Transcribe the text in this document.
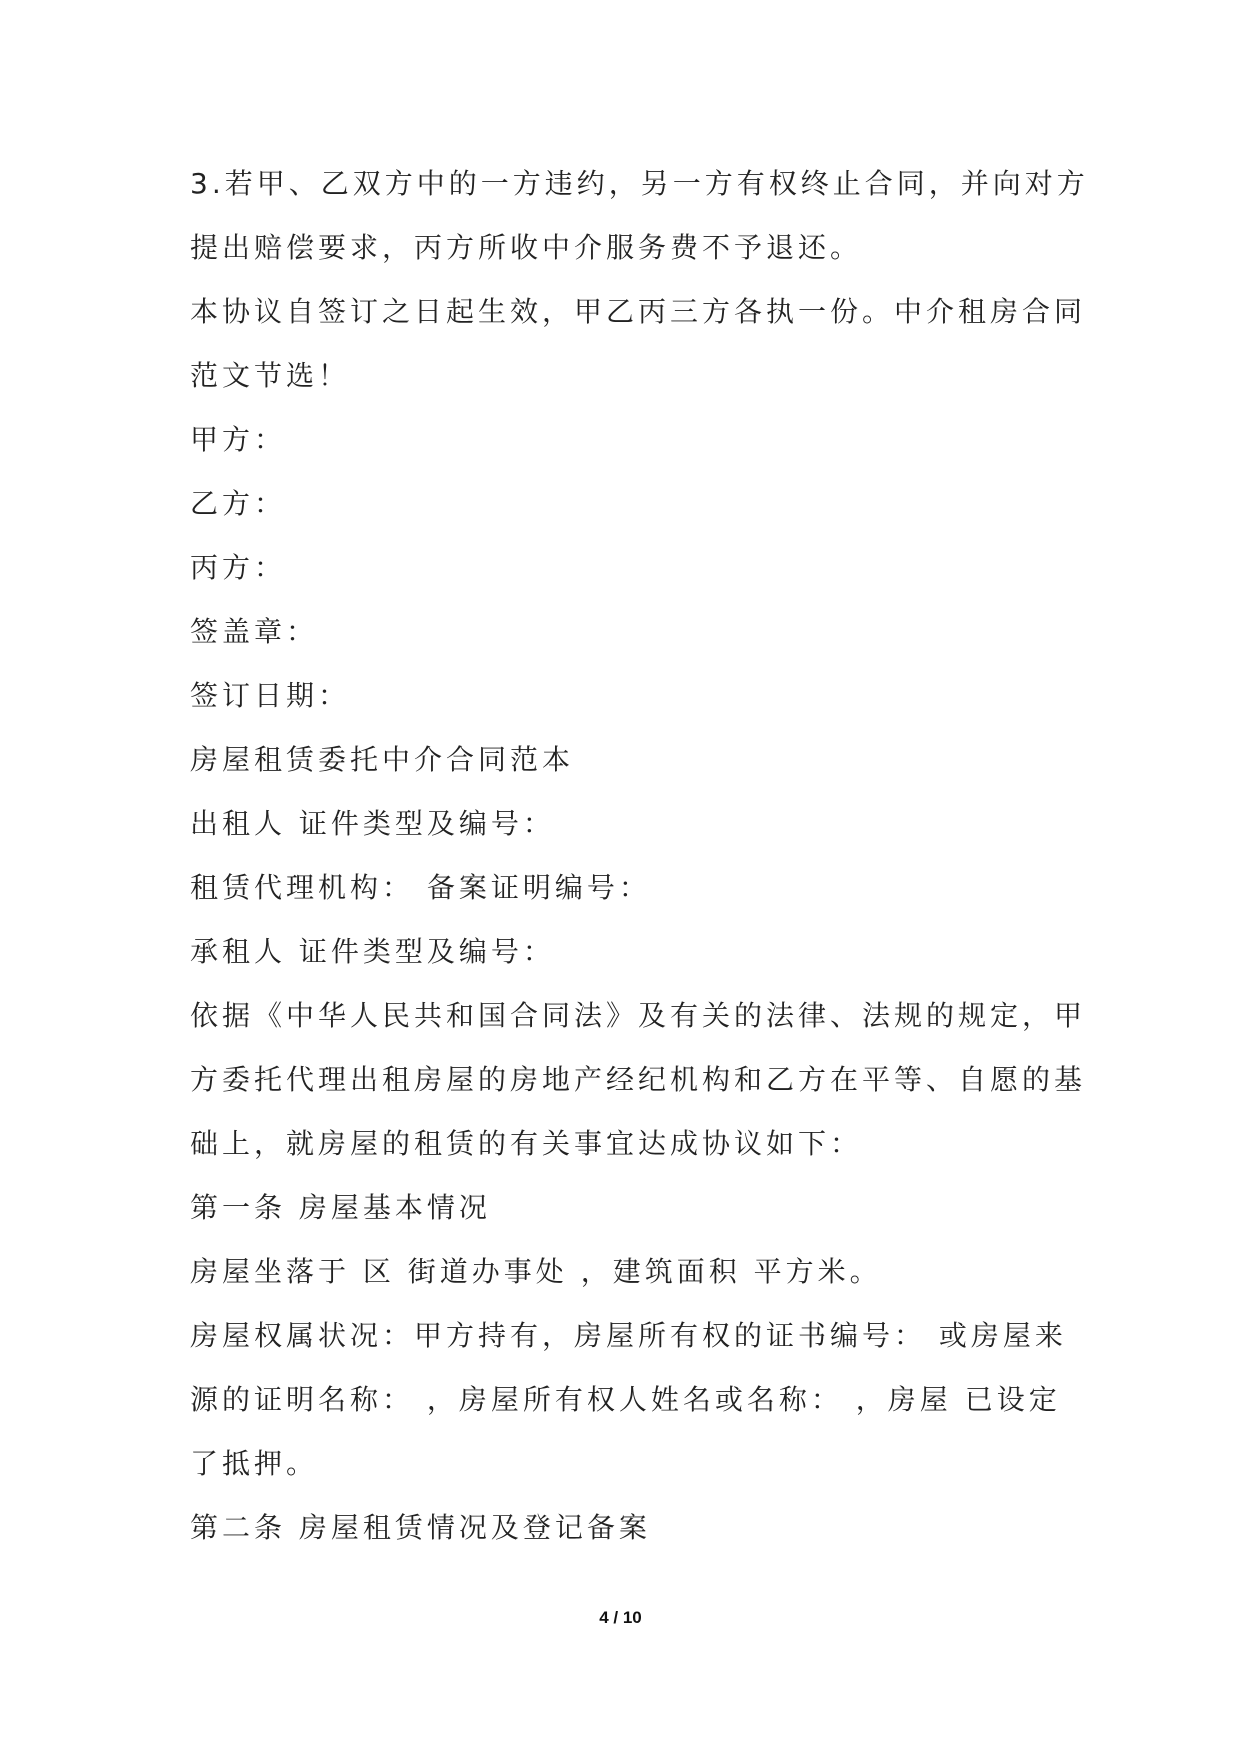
3.若甲、乙双方中的一方违约，另一方有权终止合同，并向对方
提出赔偿要求，丙方所收中介服务费不予退还。
本协议自签订之日起生效，甲乙丙三方各执一份。中介租房合同
范文节选！
甲方：
乙方：
丙方：
签盖章：
签订日期：
房屋租赁委托中介合同范本
出租人 证件类型及编号：
租赁代理机构： 备案证明编号：
承租人 证件类型及编号：
依据《中华人民共和国合同法》及有关的法律、法规的规定，甲
方委托代理出租房屋的房地产经纪机构和乙方在平等、自愿的基
础上，就房屋的租赁的有关事宜达成协议如下：
第一条 房屋基本情况
房屋坐落于 区 街道办事处 ，建筑面积 平方米。
房屋权属状况：甲方持有，房屋所有权的证书编号： 或房屋来
源的证明名称： ，房屋所有权人姓名或名称： ，房屋 已设定
了抵押。
第二条 房屋租赁情况及登记备案
4 / 10
